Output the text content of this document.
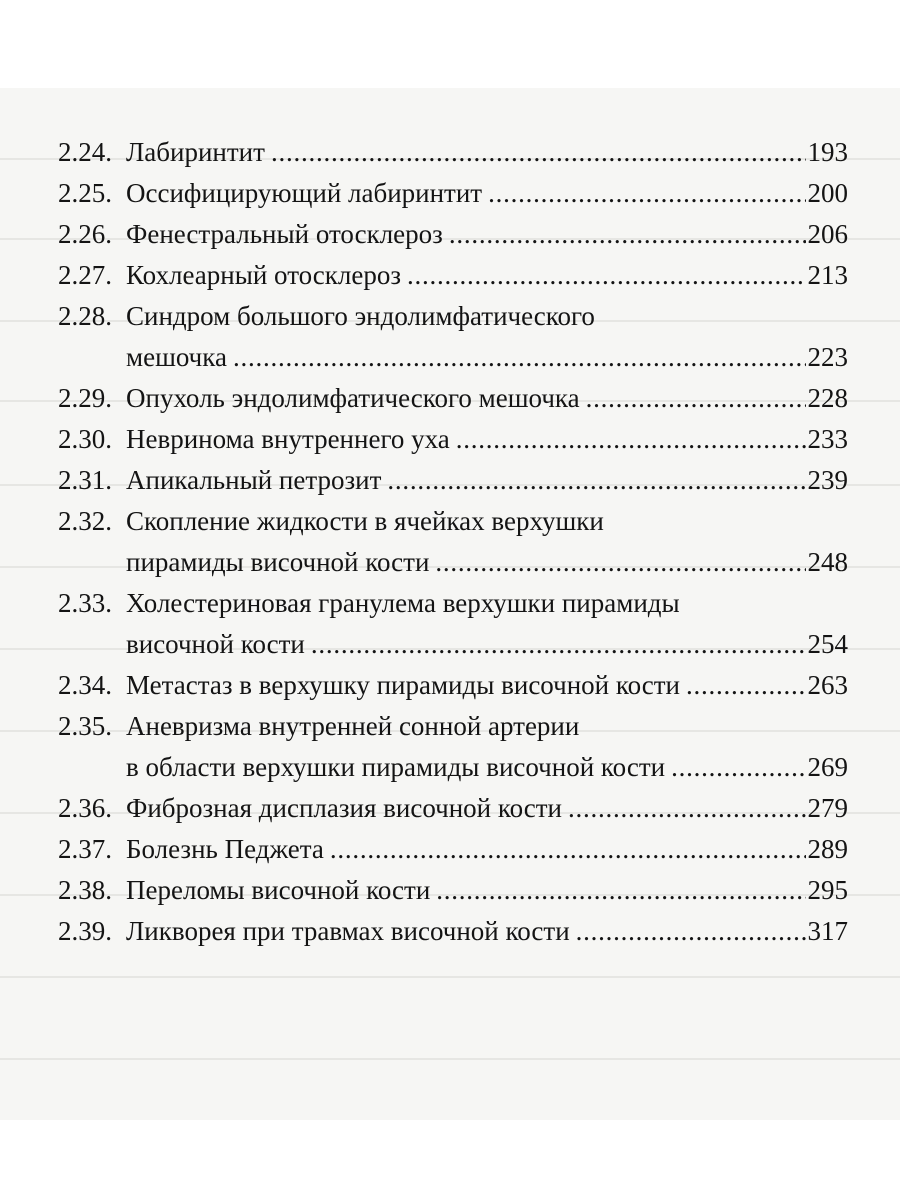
2.24. Лабиринтит . . .	193
2.25. Оссифицирующий лабиринтит . . .	200
2.26. Фенестральный отосклероз . . .	206
2.27. Кохлеарный отосклероз . . .	213
2.28. Синдром большого эндолимфатического
мешочка . . .	223
2.29. Опухоль эндолимфатического мешочка . . .	228
2.30. Невринома внутреннего уха . . .	233
2.31. Апикальный петрозит . . .	239
2.32. Скопление жидкости в ячейках верхушки
пирамиды височной кости . . .	248
2.33. Холестериновая гранулема верхушки пирамиды
височной кости . . .	254
2.34. Метастаз в верхушку пирамиды височной кости . . .	263
2.35. Аневризма внутренней сонной артерии
в области верхушки пирамиды височной кости . . .	269
2.36. Фиброзная дисплазия височной кости . . .	279
2.37. Болезнь Педжета . . .	289
2.38. Переломы височной кости . . .	295
2.39. Ликворея при травмах височной кости . . .	317
